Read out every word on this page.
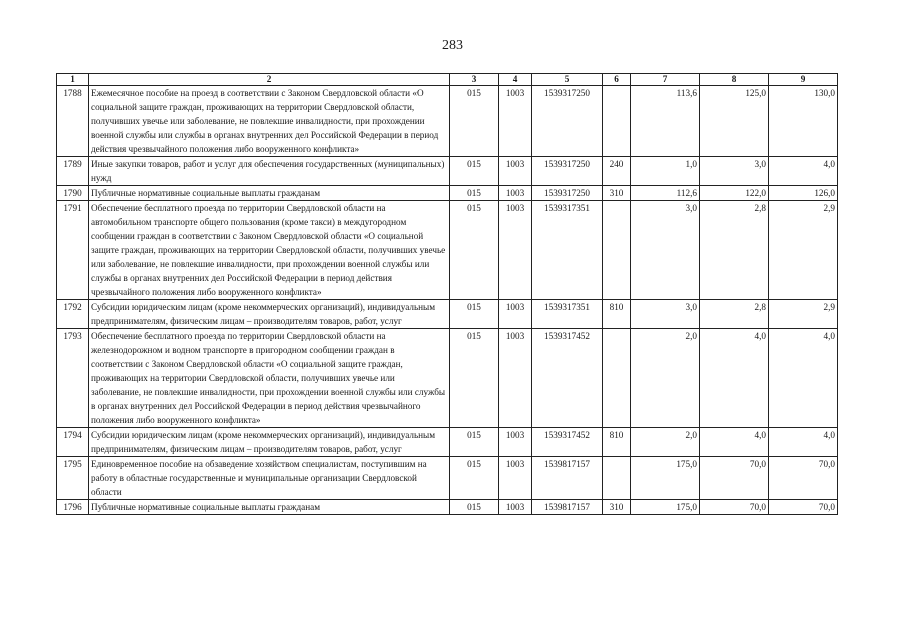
283
1	2	3	4	5	6	7	8	9
1788	Ежемесячное пособие на проезд в соответствии с Законом Свердловской области «О социальной защите граждан, проживающих на территории Свердловской области, получивших увечье или заболевание, не повлекшие инвалидности, при прохождении военной службы или службы в органах внутренних дел Российской Федерации в период действия чрезвычайного положения либо вооруженного конфликта»	015	1003	1539317250		113,6	125,0	130,0
1789	Иные закупки товаров, работ и услуг для обеспечения государственных (муниципальных) нужд	015	1003	1539317250	240	1,0	3,0	4,0
1790	Публичные нормативные социальные выплаты гражданам	015	1003	1539317250	310	112,6	122,0	126,0
1791	Обеспечение бесплатного проезда по территории Свердловской области на автомобильном транспорте общего пользования (кроме такси) в междугородном сообщении граждан в соответствии с Законом Свердловской области «О социальной защите граждан, проживающих на территории Свердловской области, получивших увечье или заболевание, не повлекшие инвалидности, при прохождении военной службы или службы в органах внутренних дел Российской Федерации в период действия чрезвычайного положения либо вооруженного конфликта»	015	1003	1539317351		3,0	2,8	2,9
1792	Субсидии юридическим лицам (кроме некоммерческих организаций), индивидуальным предпринимателям, физическим лицам – производителям товаров, работ, услуг	015	1003	1539317351	810	3,0	2,8	2,9
1793	Обеспечение бесплатного проезда по территории Свердловской области на железнодорожном и водном транспорте в пригородном сообщении граждан в соответствии с Законом Свердловской области «О социальной защите граждан, проживающих на территории Свердловской области, получивших увечье или заболевание, не повлекшие инвалидности, при прохождении военной службы или службы в органах внутренних дел Российской Федерации в период действия чрезвычайного положения либо вооруженного конфликта»	015	1003	1539317452		2,0	4,0	4,0
1794	Субсидии юридическим лицам (кроме некоммерческих организаций), индивидуальным предпринимателям, физическим лицам – производителям товаров, работ, услуг	015	1003	1539317452	810	2,0	4,0	4,0
1795	Единовременное пособие на обзаведение хозяйством специалистам, поступившим на работу в областные государственные и муниципальные организации Свердловской области	015	1003	1539817157		175,0	70,0	70,0
1796	Публичные нормативные социальные выплаты гражданам	015	1003	1539817157	310	175,0	70,0	70,0
